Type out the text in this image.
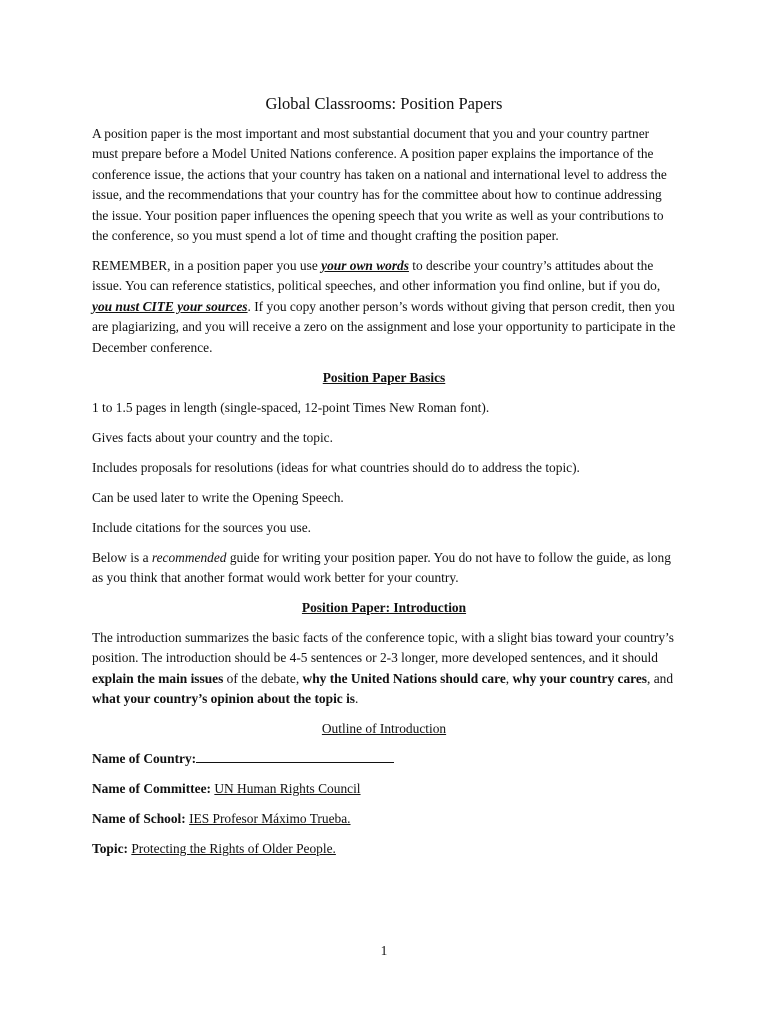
Global Classrooms: Position Papers

A position paper is the most important and most substantial document that you and your country partner must prepare before a Model United Nations conference. A position paper explains the importance of the conference issue, the actions that your country has taken on a national and international level to address the issue, and the recommendations that your country has for the committee about how to continue addressing the issue. Your position paper influences the opening speech that you write as well as your contributions to the conference, so you must spend a lot of time and thought crafting the position paper.

REMEMBER, in a position paper you use your own words to describe your country’s attitudes about the issue. You can reference statistics, political speeches, and other information you find online, but if you do, you nust CITE your sources. If you copy another person’s words without giving that person credit, then you are plagiarizing, and you will receive a zero on the assignment and lose your opportunity to participate in the December conference.

Position Paper Basics

1 to 1.5 pages in length (single-spaced, 12-point Times New Roman font).

Gives facts about your country and the topic.

Includes proposals for resolutions (ideas for what countries should do to address the topic).

Can be used later to write the Opening Speech.

Include citations for the sources you use.

Below is a recommended guide for writing your position paper. You do not have to follow the guide, as long as you think that another format would work better for your country.

Position Paper: Introduction

The introduction summarizes the basic facts of the conference topic, with a slight bias toward your country’s position. The introduction should be 4-5 sentences or 2-3 longer, more developed sentences, and it should explain the main issues of the debate, why the United Nations should care, why your country cares, and what your country’s opinion about the topic is.

Outline of Introduction

Name of Country:

Name of Committee: UN Human Rights Council

Name of School: IES Profesor Máximo Trueba.

Topic: Protecting the Rights of Older People.

1
